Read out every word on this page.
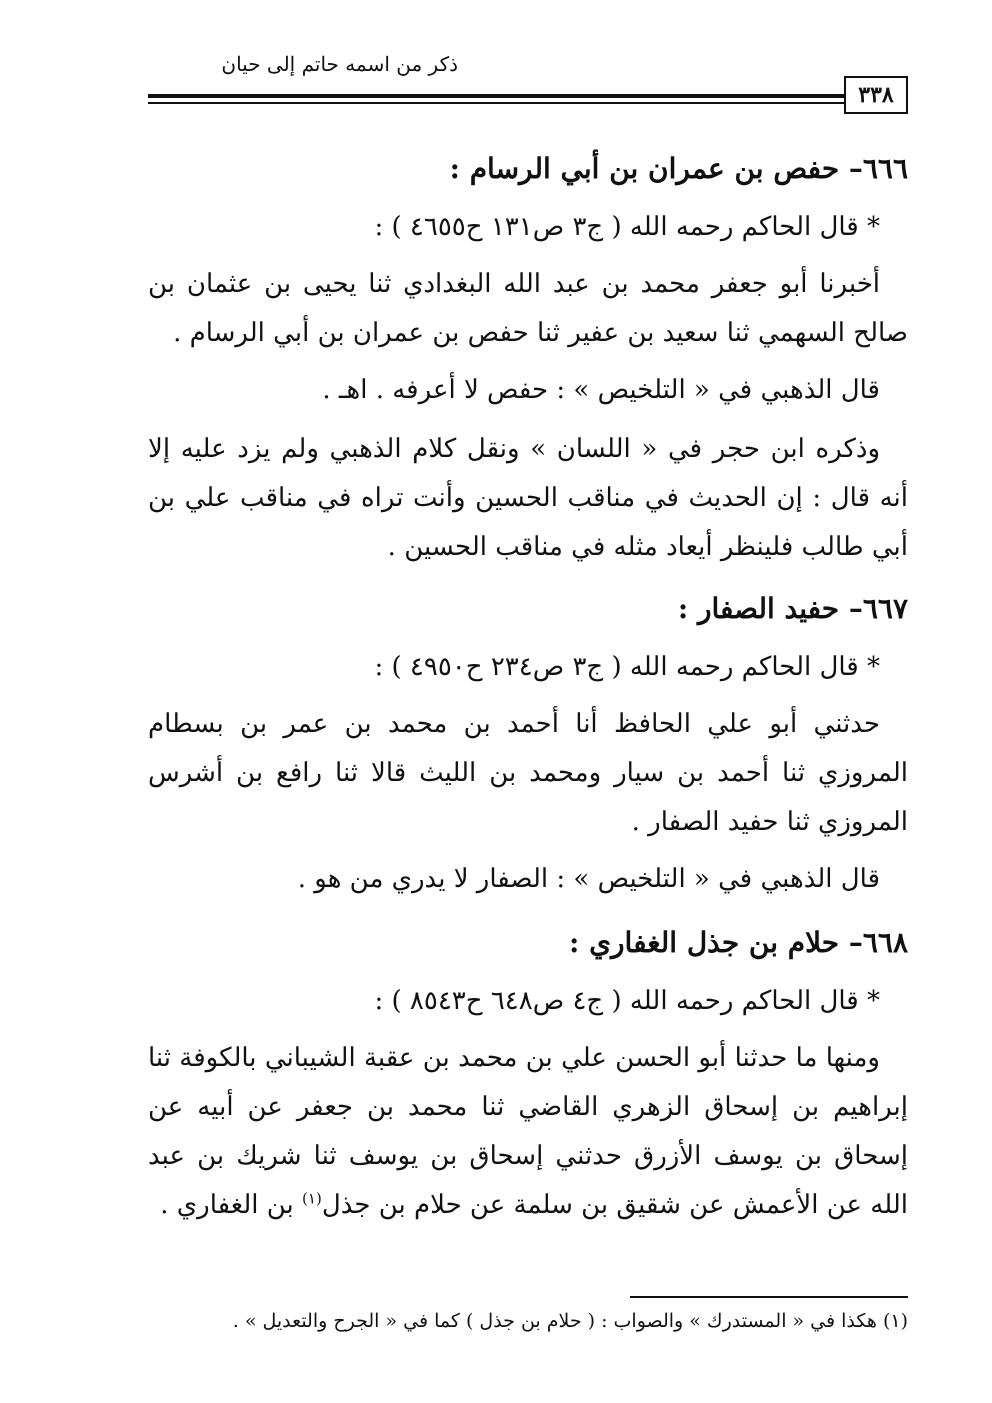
ذكر من اسمه حاتم إلى حيان
٣٣٨
٦٦٦– حفص بن عمران بن أبي الرسام :

* قال الحاكم رحمه الله ( ج٣ ص١٣١ ح٤٦٥٥ ) :

أخبرنا أبو جعفر محمد بن عبد الله البغدادي ثنا يحيى بن عثمان بن صالح السهمي ثنا سعيد بن عفير ثنا حفص بن عمران بن أبي الرسام .

قال الذهبي في « التلخيص » : حفص لا أعرفه . اهـ .

وذكره ابن حجر في « اللسان » ونقل كلام الذهبي ولم يزد عليه إلا أنه قال : إن الحديث في مناقب الحسين وأنت تراه في مناقب علي بن أبي طالب فلينظر أيعاد مثله في مناقب الحسين .

٦٦٧– حفيد الصفار :

* قال الحاكم رحمه الله ( ج٣ ص٢٣٤ ح٤٩٥٠ ) :

حدثني أبو علي الحافظ أنا أحمد بن محمد بن عمر بن بسطام المروزي ثنا أحمد بن سيار ومحمد بن الليث قالا ثنا رافع بن أشرس المروزي ثنا حفيد الصفار .

قال الذهبي في « التلخيص » : الصفار لا يدري من هو .

٦٦٨– حلام بن جذل الغفاري :

* قال الحاكم رحمه الله ( ج٤ ص٦٤٨ ح٨٥٤٣ ) :

ومنها ما حدثنا أبو الحسن علي بن محمد بن عقبة الشيباني بالكوفة ثنا إبراهيم بن إسحاق الزهري القاضي ثنا محمد بن جعفر عن أبيه عن إسحاق بن يوسف الأزرق حدثني إسحاق بن يوسف ثنا شريك بن عبد الله عن الأعمش عن شقيق بن سلمة عن حلام بن جذل$^{(١)}$ بن الغفاري .

(١) هكذا في « المستدرك » والصواب : ( حلام بن جذل ) كما في « الجرح والتعديل » .
